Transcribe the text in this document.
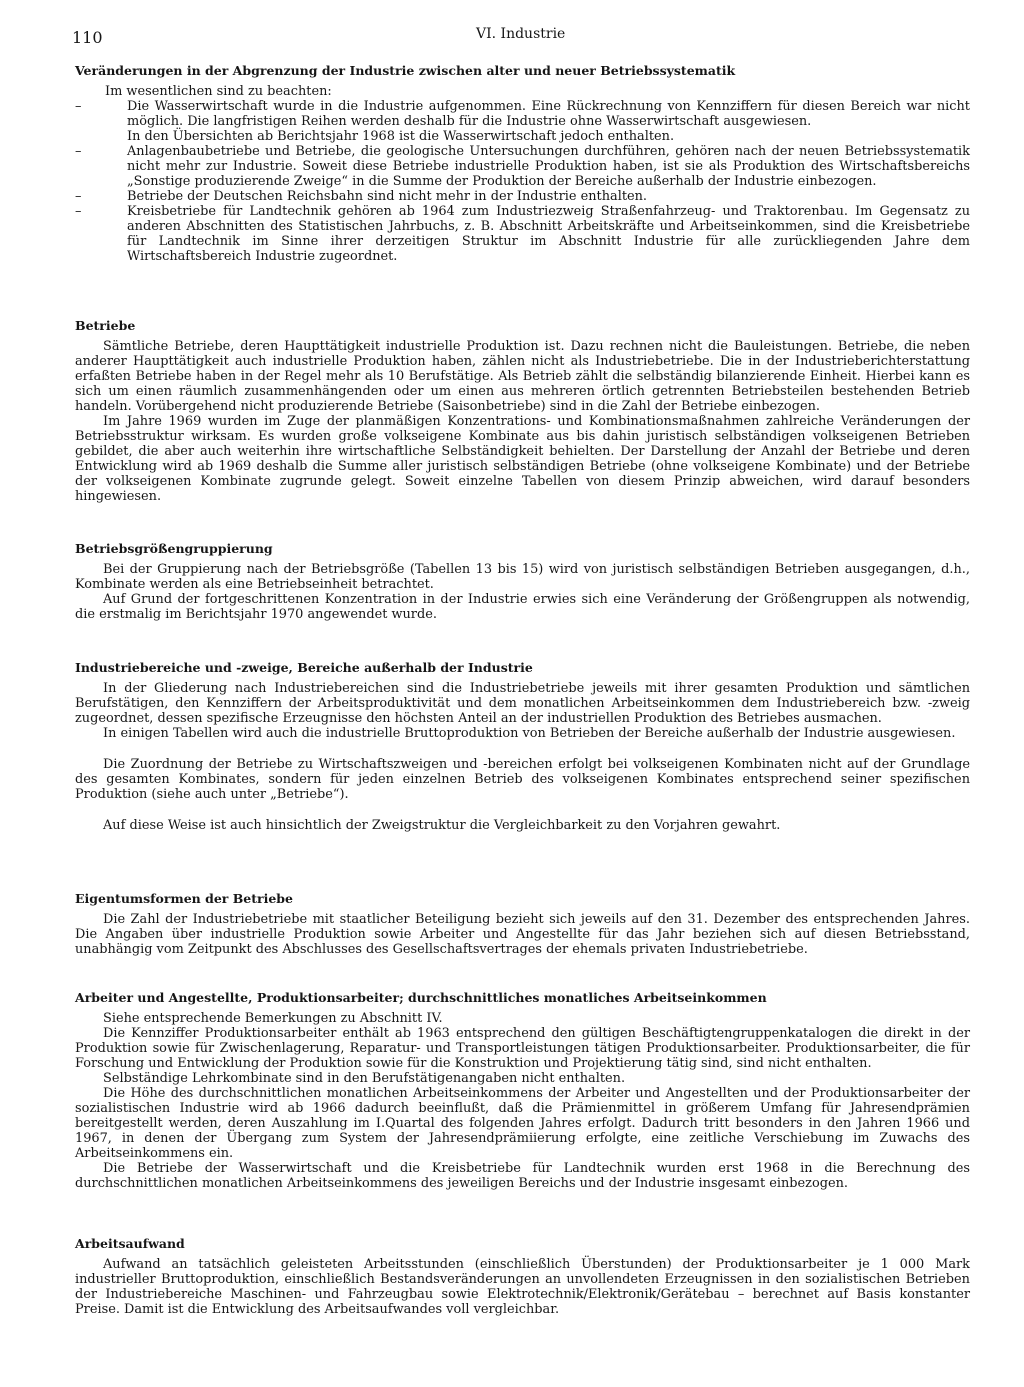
110	VI. Industrie
Veränderungen in der Abgrenzung der Industrie zwischen alter und neuer Betriebssystematik

Im wesentlichen sind zu beachten:

–	Die Wasserwirtschaft wurde in die Industrie aufgenommen. Eine Rückrechnung von Kennziffern für diesen Bereich war nicht möglich. Die langfristigen Reihen werden deshalb für die Industrie ohne Wasserwirtschaft ausgewiesen.

In den Übersichten ab Berichtsjahr 1968 ist die Wasserwirtschaft jedoch enthalten.

–	Anlagenbaubetriebe und Betriebe, die geologische Untersuchungen durchführen, gehören nach der neuen Betriebssystematik nicht mehr zur Industrie. Soweit diese Betriebe industrielle Produktion haben, ist sie als Produktion des Wirtschaftsbereichs „Sonstige produzierende Zweige“ in die Summe der Produktion der Bereiche außerhalb der Industrie einbezogen.
–	Betriebe der Deutschen Reichsbahn sind nicht mehr in der Industrie enthalten.
–	Kreisbetriebe für Landtechnik gehören ab 1964 zum Industriezweig Straßenfahrzeug- und Traktorenbau. Im Gegensatz zu anderen Abschnitten des Statistischen Jahrbuchs, z. B. Abschnitt Arbeitskräfte und Arbeitseinkommen, sind die Kreisbetriebe für Landtechnik im Sinne ihrer derzeitigen Struktur im Abschnitt Industrie für alle zurückliegenden Jahre dem Wirtschaftsbereich Industrie zugeordnet.
Betriebe

Sämtliche Betriebe, deren Haupttätigkeit industrielle Produktion ist. Dazu rechnen nicht die Bauleistungen. Betriebe, die neben anderer Haupttätigkeit auch industrielle Produktion haben, zählen nicht als Industriebetriebe. Die in der Industrieberichterstattung erfaßten Betriebe haben in der Regel mehr als 10 Berufstätige. Als Betrieb zählt die selbständig bilanzierende Einheit. Hierbei kann es sich um einen räumlich zusammenhängenden oder um einen aus mehreren örtlich getrennten Betriebsteilen bestehenden Betrieb handeln. Vorübergehend nicht produzierende Betriebe (Saisonbetriebe) sind in die Zahl der Betriebe einbezogen.

Im Jahre 1969 wurden im Zuge der planmäßigen Konzentrations- und Kombinationsmaßnahmen zahlreiche Veränderungen der Betriebsstruktur wirksam. Es wurden große volkseigene Kombinate aus bis dahin juristisch selbständigen volkseigenen Betrieben gebildet, die aber auch weiterhin ihre wirtschaftliche Selbständigkeit behielten. Der Darstellung der Anzahl der Betriebe und deren Entwicklung wird ab 1969 deshalb die Summe aller juristisch selbständigen Betriebe (ohne volkseigene Kombinate) und der Betriebe der volkseigenen Kombinate zugrunde gelegt. Soweit einzelne Tabellen von diesem Prinzip abweichen, wird darauf besonders hingewiesen.

Betriebsgrößengruppierung

Bei der Gruppierung nach der Betriebsgröße (Tabellen 13 bis 15) wird von juristisch selbständigen Betrieben ausgegangen, d.h., Kombinate werden als eine Betriebseinheit betrachtet.

Auf Grund der fortgeschrittenen Konzentration in der Industrie erwies sich eine Veränderung der Größengruppen als notwendig, die erstmalig im Berichtsjahr 1970 angewendet wurde.

Industriebereiche und -zweige, Bereiche außerhalb der Industrie

In der Gliederung nach Industriebereichen sind die Industriebetriebe jeweils mit ihrer gesamten Produktion und sämtlichen Berufstätigen, den Kennziffern der Arbeitsproduktivität und dem monatlichen Arbeitseinkommen dem Industriebereich bzw. -zweig zugeordnet, dessen spezifische Erzeugnisse den höchsten Anteil an der industriellen Produktion des Betriebes ausmachen.

In einigen Tabellen wird auch die industrielle Bruttoproduktion von Betrieben der Bereiche außerhalb der Industrie ausgewiesen.

Die Zuordnung der Betriebe zu Wirtschaftszweigen und -bereichen erfolgt bei volkseigenen Kombinaten nicht auf der Grundlage des gesamten Kombinates, sondern für jeden einzelnen Betrieb des volkseigenen Kombinates entsprechend seiner spezifischen Produktion (siehe auch unter „Betriebe“).

Auf diese Weise ist auch hinsichtlich der Zweigstruktur die Vergleichbarkeit zu den Vorjahren gewahrt.

Eigentumsformen der Betriebe

Die Zahl der Industriebetriebe mit staatlicher Beteiligung bezieht sich jeweils auf den 31. Dezember des entsprechenden Jahres. Die Angaben über industrielle Produktion sowie Arbeiter und Angestellte für das Jahr beziehen sich auf diesen Betriebsstand, unabhängig vom Zeitpunkt des Abschlusses des Gesellschaftsvertrages der ehemals privaten Industriebetriebe.

Arbeiter und Angestellte, Produktionsarbeiter; durchschnittliches monatliches Arbeitseinkommen

Siehe entsprechende Bemerkungen zu Abschnitt IV.

Die Kennziffer Produktionsarbeiter enthält ab 1963 entsprechend den gültigen Beschäftigtengruppenkatalogen die direkt in der Produktion sowie für Zwischenlagerung, Reparatur- und Transportleistungen tätigen Produktionsarbeiter. Produktionsarbeiter, die für Forschung und Entwicklung der Produktion sowie für die Konstruktion und Projektierung tätig sind, sind nicht enthalten.

Selbständige Lehrkombinate sind in den Berufstätigenangaben nicht enthalten.

Die Höhe des durchschnittlichen monatlichen Arbeitseinkommens der Arbeiter und Angestellten und der Produktionsarbeiter der sozialistischen Industrie wird ab 1966 dadurch beeinflußt, daß die Prämienmittel in größerem Umfang für Jahresendprämien bereitgestellt werden, deren Auszahlung im I.Quartal des folgenden Jahres erfolgt. Dadurch tritt besonders in den Jahren 1966 und 1967, in denen der Übergang zum System der Jahresendprämiierung erfolgte, eine zeitliche Verschiebung im Zuwachs des Arbeitseinkommens ein.

Die Betriebe der Wasserwirtschaft und die Kreisbetriebe für Landtechnik wurden erst 1968 in die Berechnung des durchschnittlichen monatlichen Arbeitseinkommens des jeweiligen Bereichs und der Industrie insgesamt einbezogen.

Arbeitsaufwand

Aufwand an tatsächlich geleisteten Arbeitsstunden (einschließlich Überstunden) der Produktionsarbeiter je 1 000 Mark industrieller Bruttoproduktion, einschließlich Bestandsveränderungen an unvollendeten Erzeugnissen in den sozialistischen Betrieben der Industriebereiche Maschinen- und Fahrzeugbau sowie Elektrotechnik/Elektronik/Gerätebau – berechnet auf Basis konstanter Preise. Damit ist die Entwicklung des Arbeitsaufwandes voll vergleichbar.
